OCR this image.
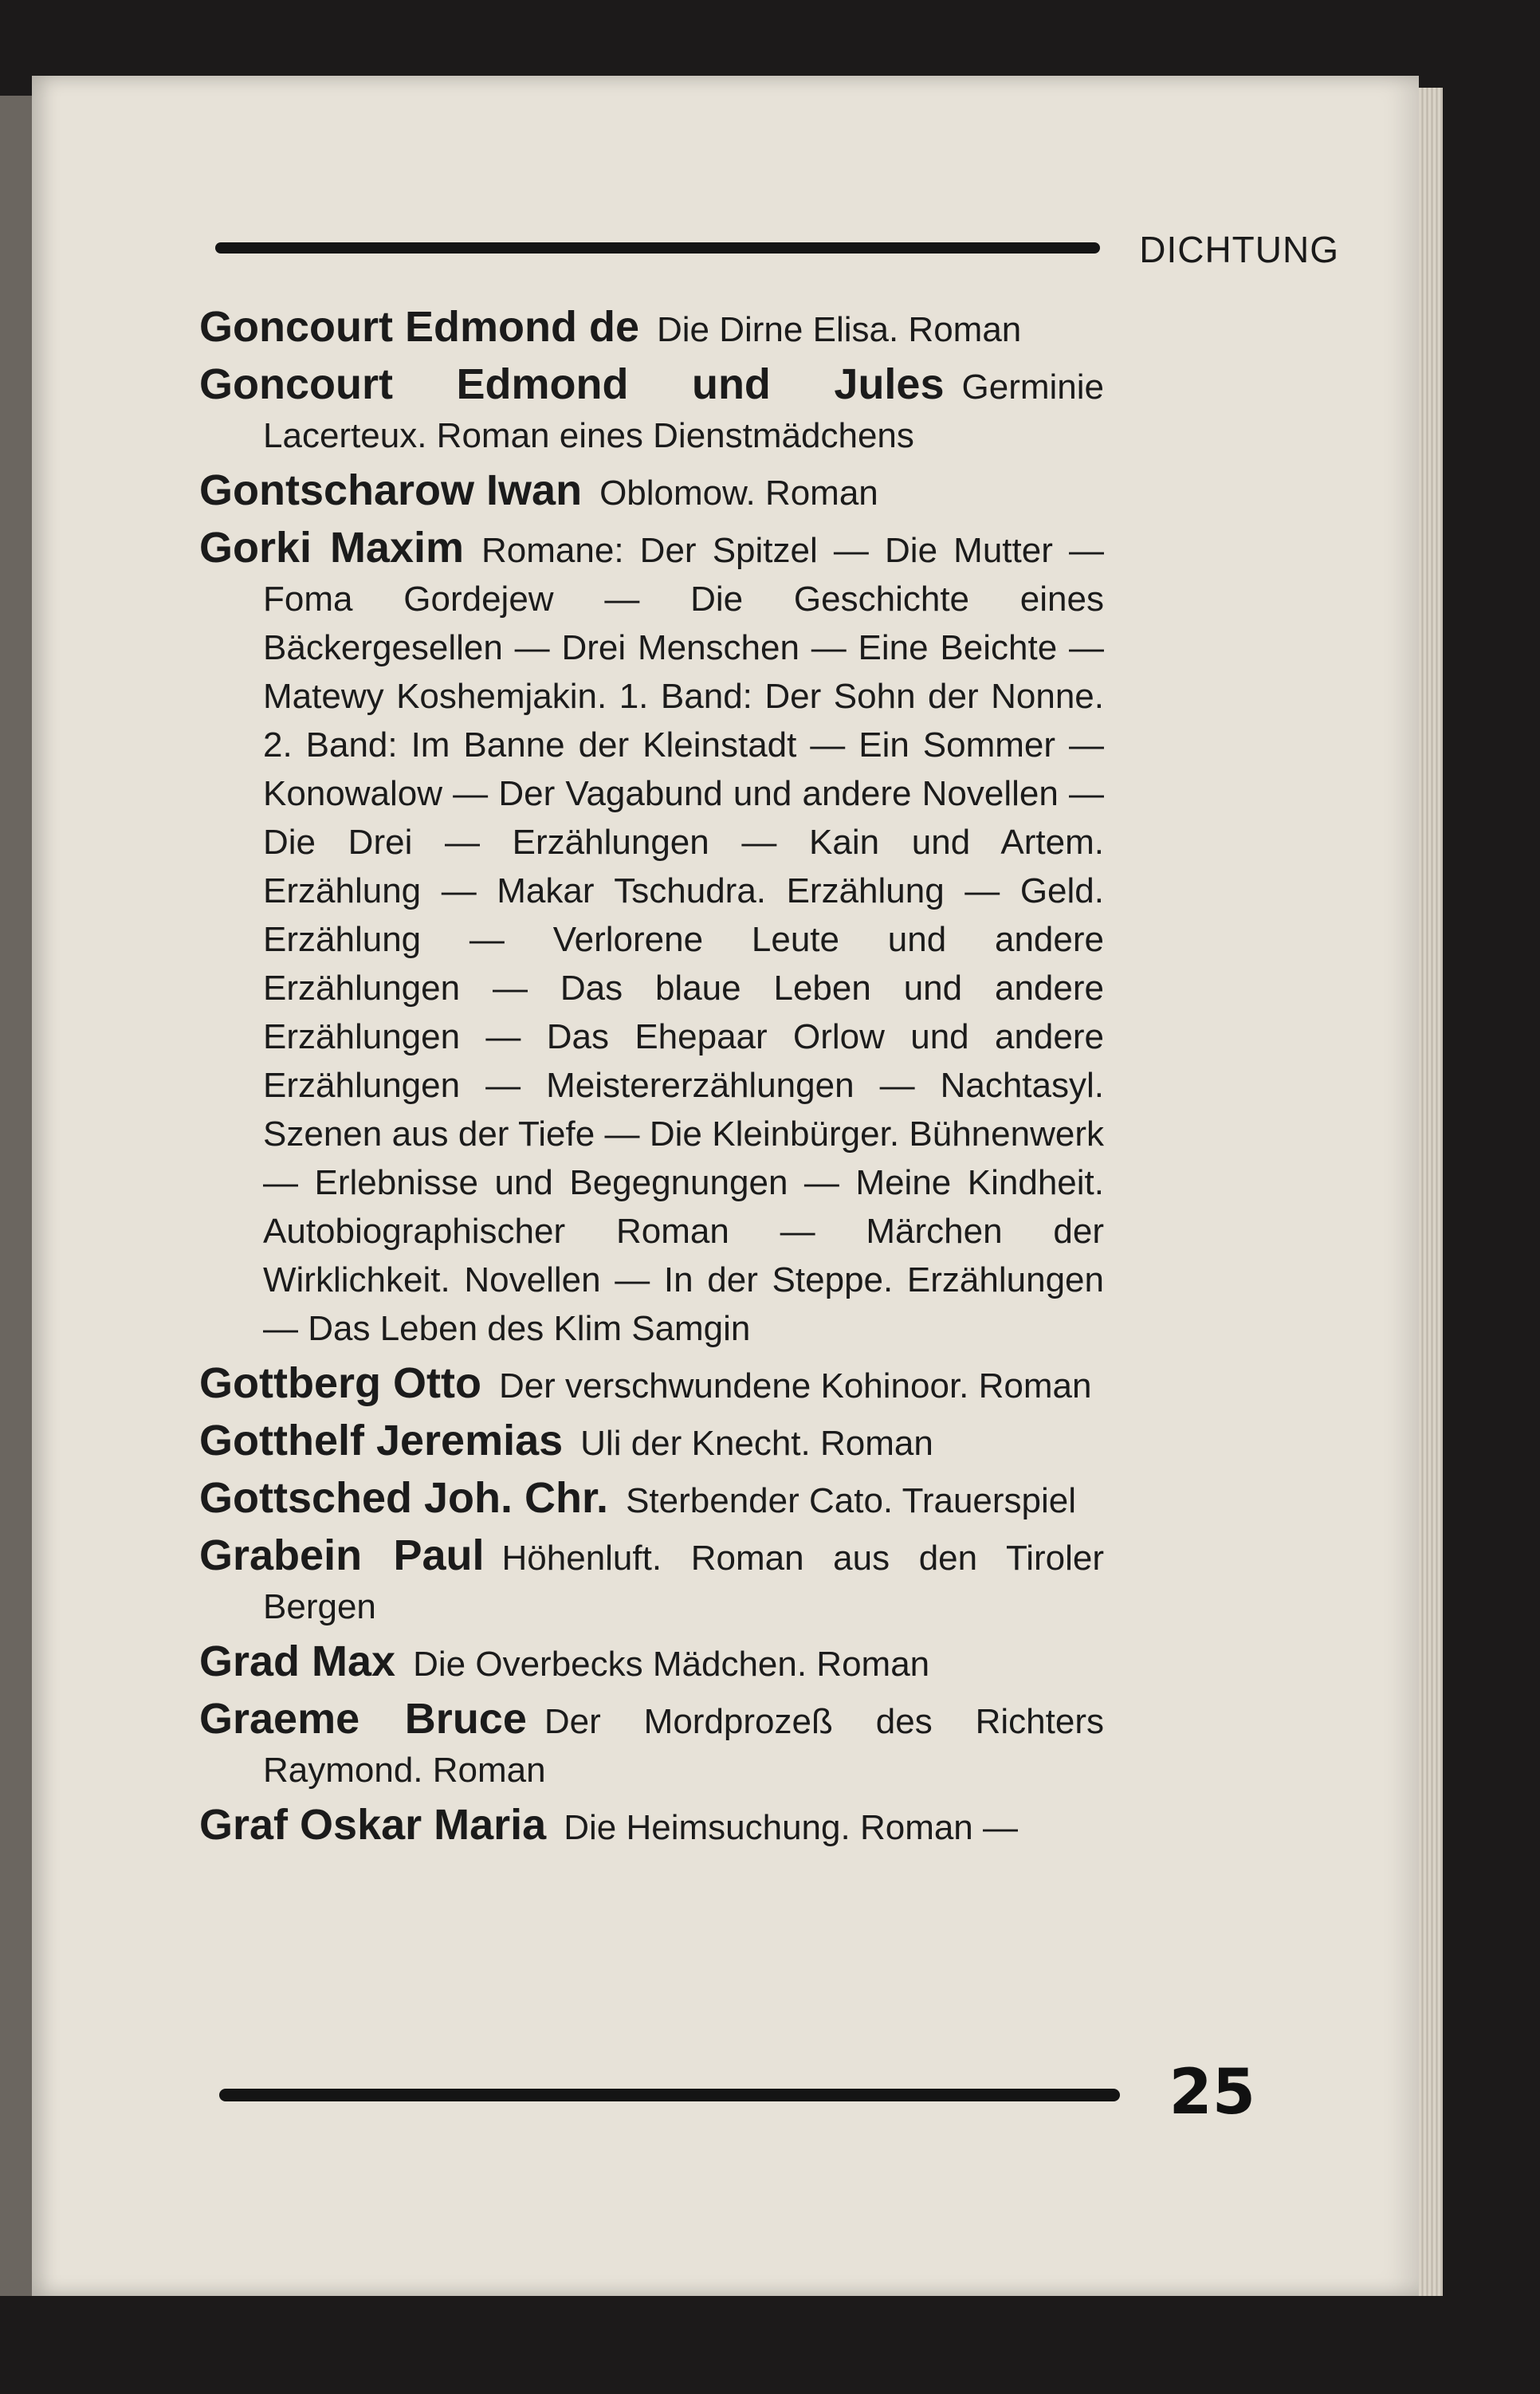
DICHTUNG
Goncourt Edmond de Die Dirne Elisa. Roman
Goncourt Edmond und Jules Germinie Lacerteux. Roman eines Dienstmädchens
Gontscharow Iwan Oblomow. Roman
Gorki Maxim Romane: Der Spitzel — Die Mutter — Foma Gordejew — Die Geschichte eines Bäckergesellen — Drei Menschen — Eine Beichte — Matewy Koshemjakin. 1. Band: Der Sohn der Nonne. 2. Band: Im Banne der Kleinstadt — Ein Sommer — Konowalow — Der Vagabund und andere Novellen — Die Drei — Erzählungen — Kain und Artem. Erzählung — Makar Tschudra. Erzählung — Geld. Erzählung — Verlorene Leute und andere Erzählungen — Das blaue Leben und andere Erzählungen — Das Ehepaar Orlow und andere Erzählungen — Meistererzählungen — Nachtasyl. Szenen aus der Tiefe — Die Kleinbürger. Bühnenwerk — Erlebnisse und Begegnungen — Meine Kindheit. Autobiographischer Roman — Märchen der Wirklichkeit. Novellen — In der Steppe. Erzählungen — Das Leben des Klim Samgin
Gottberg Otto Der verschwundene Kohinoor. Roman
Gotthelf Jeremias Uli der Knecht. Roman
Gottsched Joh. Chr. Sterbender Cato. Trauerspiel
Grabein Paul Höhenluft. Roman aus den Tiroler Bergen
Grad Max Die Overbecks Mädchen. Roman
Graeme Bruce Der Mordprozeß des Richters Raymond. Roman
Graf Oskar Maria Die Heimsuchung. Roman —
25
